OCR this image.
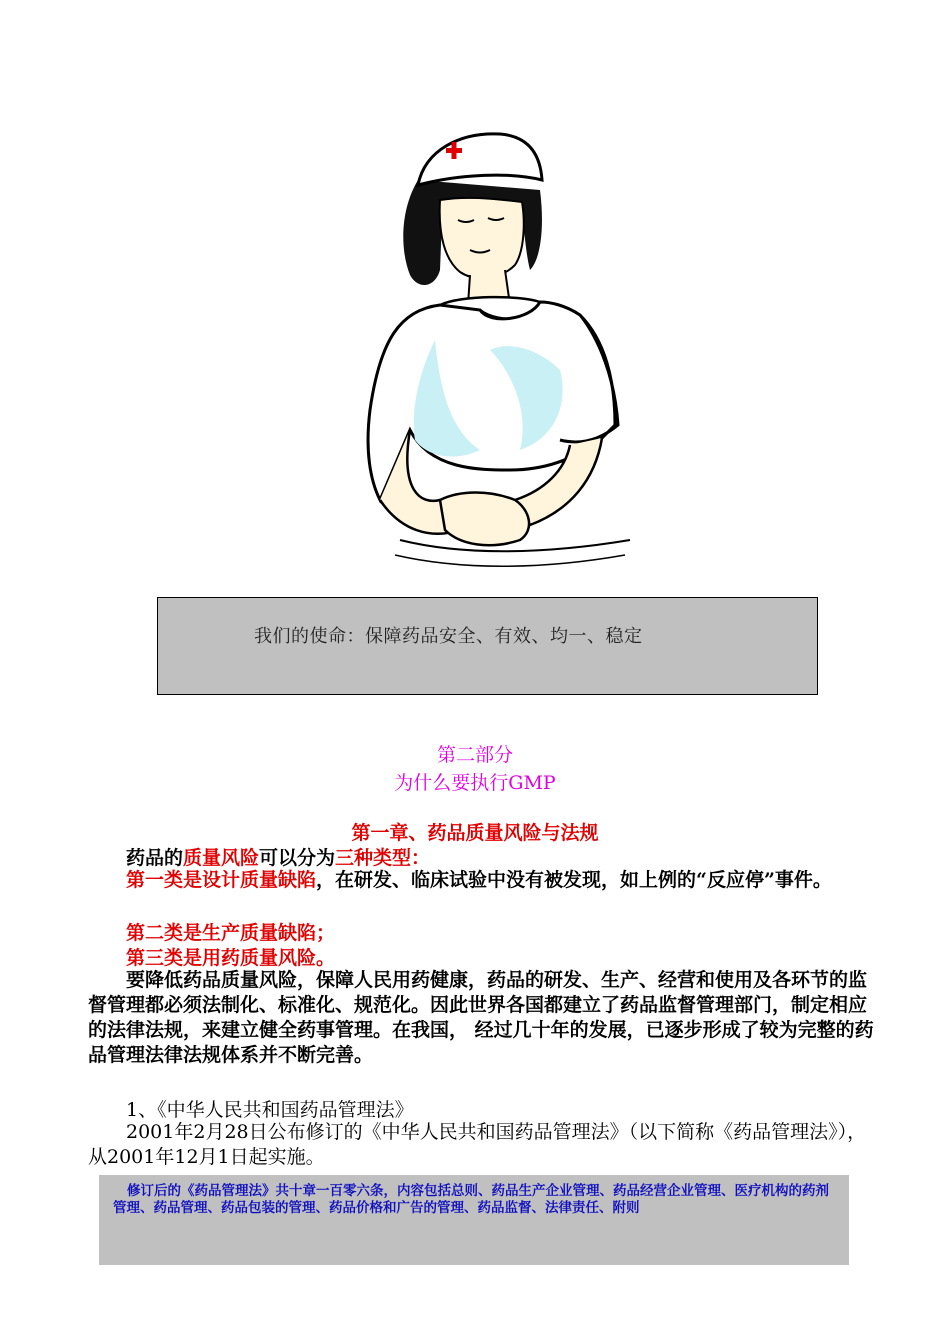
我们的使命：保障药品安全、有效、均一、稳定
第二部分
为什么要执行GMP
第一章、药品质量风险与法规
药品的质量风险可以分为三种类型：
第一类是设计质量缺陷，在研发、临床试验中没有被发现，如上例的“反应停”事件。
第二类是生产质量缺陷；
第三类是用药质量风险。
要降低药品质量风险，保障人民用药健康，药品的研发、生产、经营和使用及各环节的监督管理都必须法制化、标准化、规范化。因此世界各国都建立了药品监督管理部门，制定相应的法律法规，来建立健全药事管理。在我国， 经过几十年的发展，已逐步形成了较为完整的药品管理法律法规体系并不断完善。
1、《中华人民共和国药品管理法》
2001年2月28日公布修订的《中华人民共和国药品管理法》（以下简称《药品管理法》），从2001年12月1日起实施。
修订后的《药品管理法》共十章一百零六条，内容包括总则、药品生产企业管理、药品经营企业管理、医疗机构的药剂管理、药品管理、药品包装的管理、药品价格和广告的管理、药品监督、法律责任、附则
